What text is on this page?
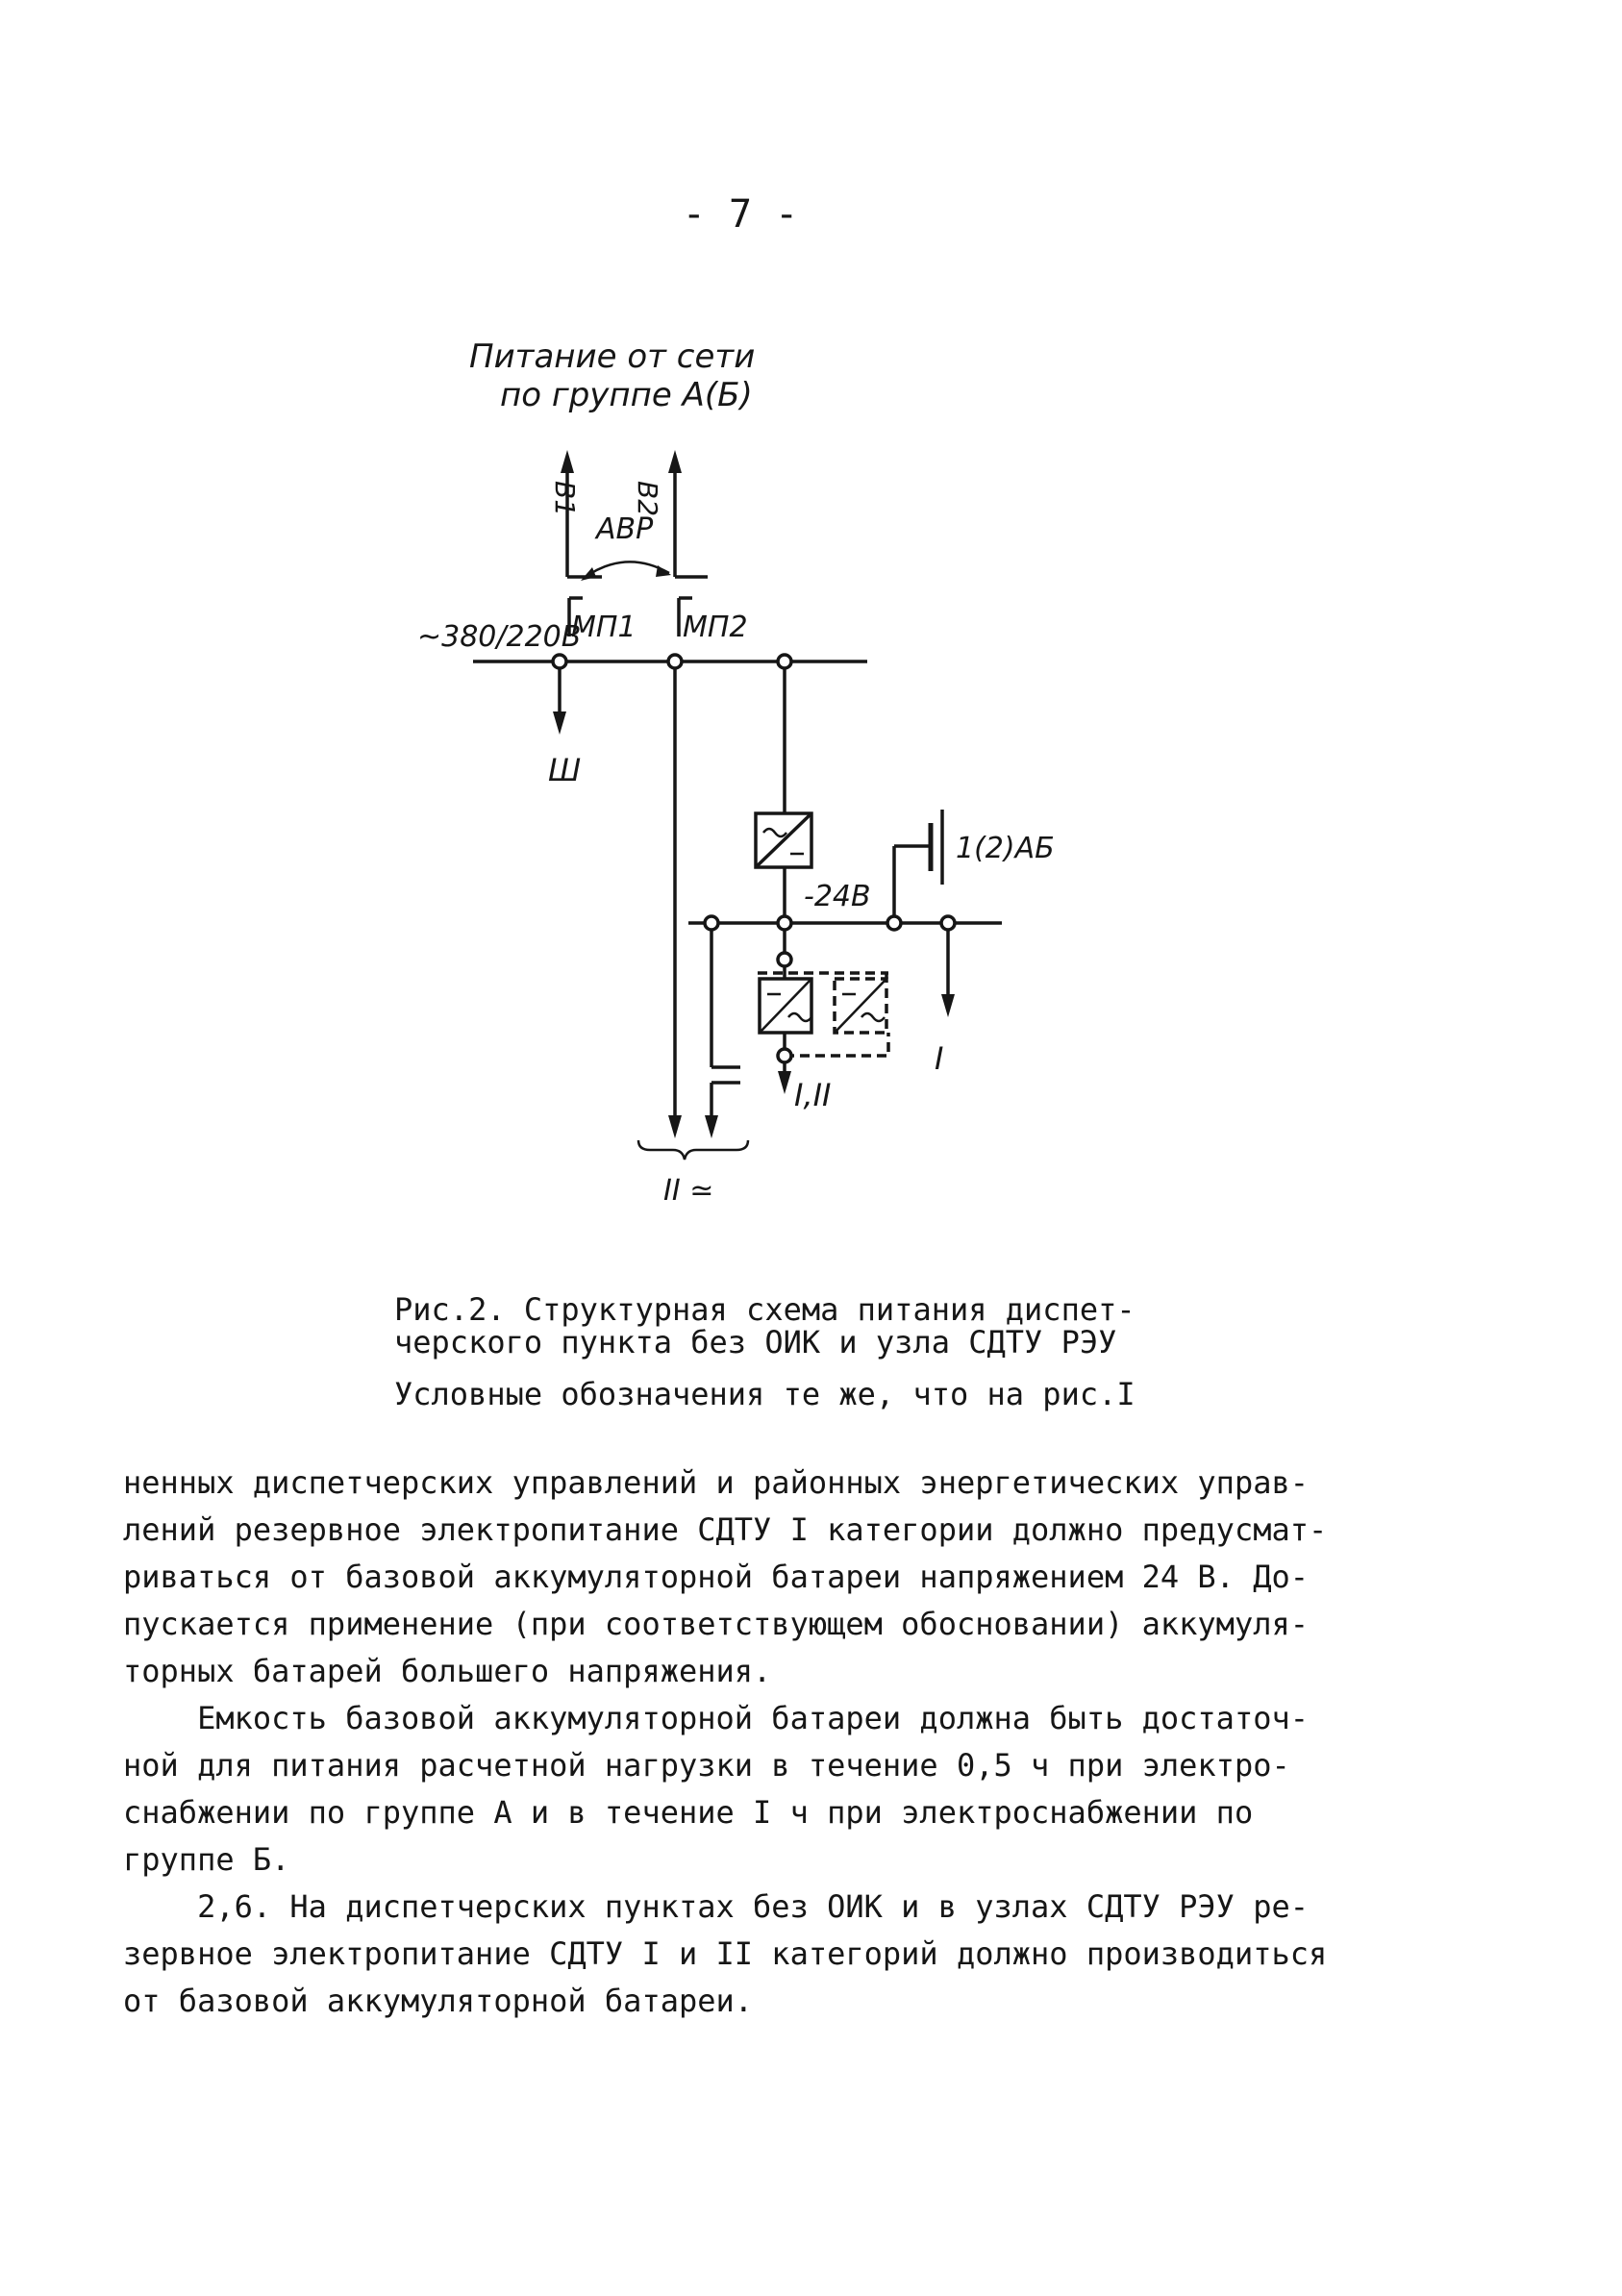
- 7 -
Питание от сети
по группе А(Б)
В1 В2
АВР
МП1 МП2
~380/220В
Ш
-24В
1(2)АБ
I
I,II
II ≃
Рис.2. Структурная схема питания диспет-
черского пункта без ОИК и узла СДТУ РЭУ
Условные обозначения те же, что на рис.I

ненных диспетчерских управлений и районных энергетических управ-

лений резервное электропитание СДТУ I категории должно предусмат-

риваться от базовой аккумуляторной батареи напряжением 24 В. До-

пускается применение (при соответствующем обосновании) аккумуля-

торных батарей большего напряжения.

Емкость базовой аккумуляторной батареи должна быть достаточ-

ной для питания расчетной нагрузки в течение 0,5 ч при электро-

снабжении по группе А и в течение I ч при электроснабжении по

группе Б.

2,6. На диспетчерских пунктах без ОИК и в узлах СДТУ РЭУ ре-

зервное электропитание СДТУ I и II категорий должно производиться

от базовой аккумуляторной батареи.
